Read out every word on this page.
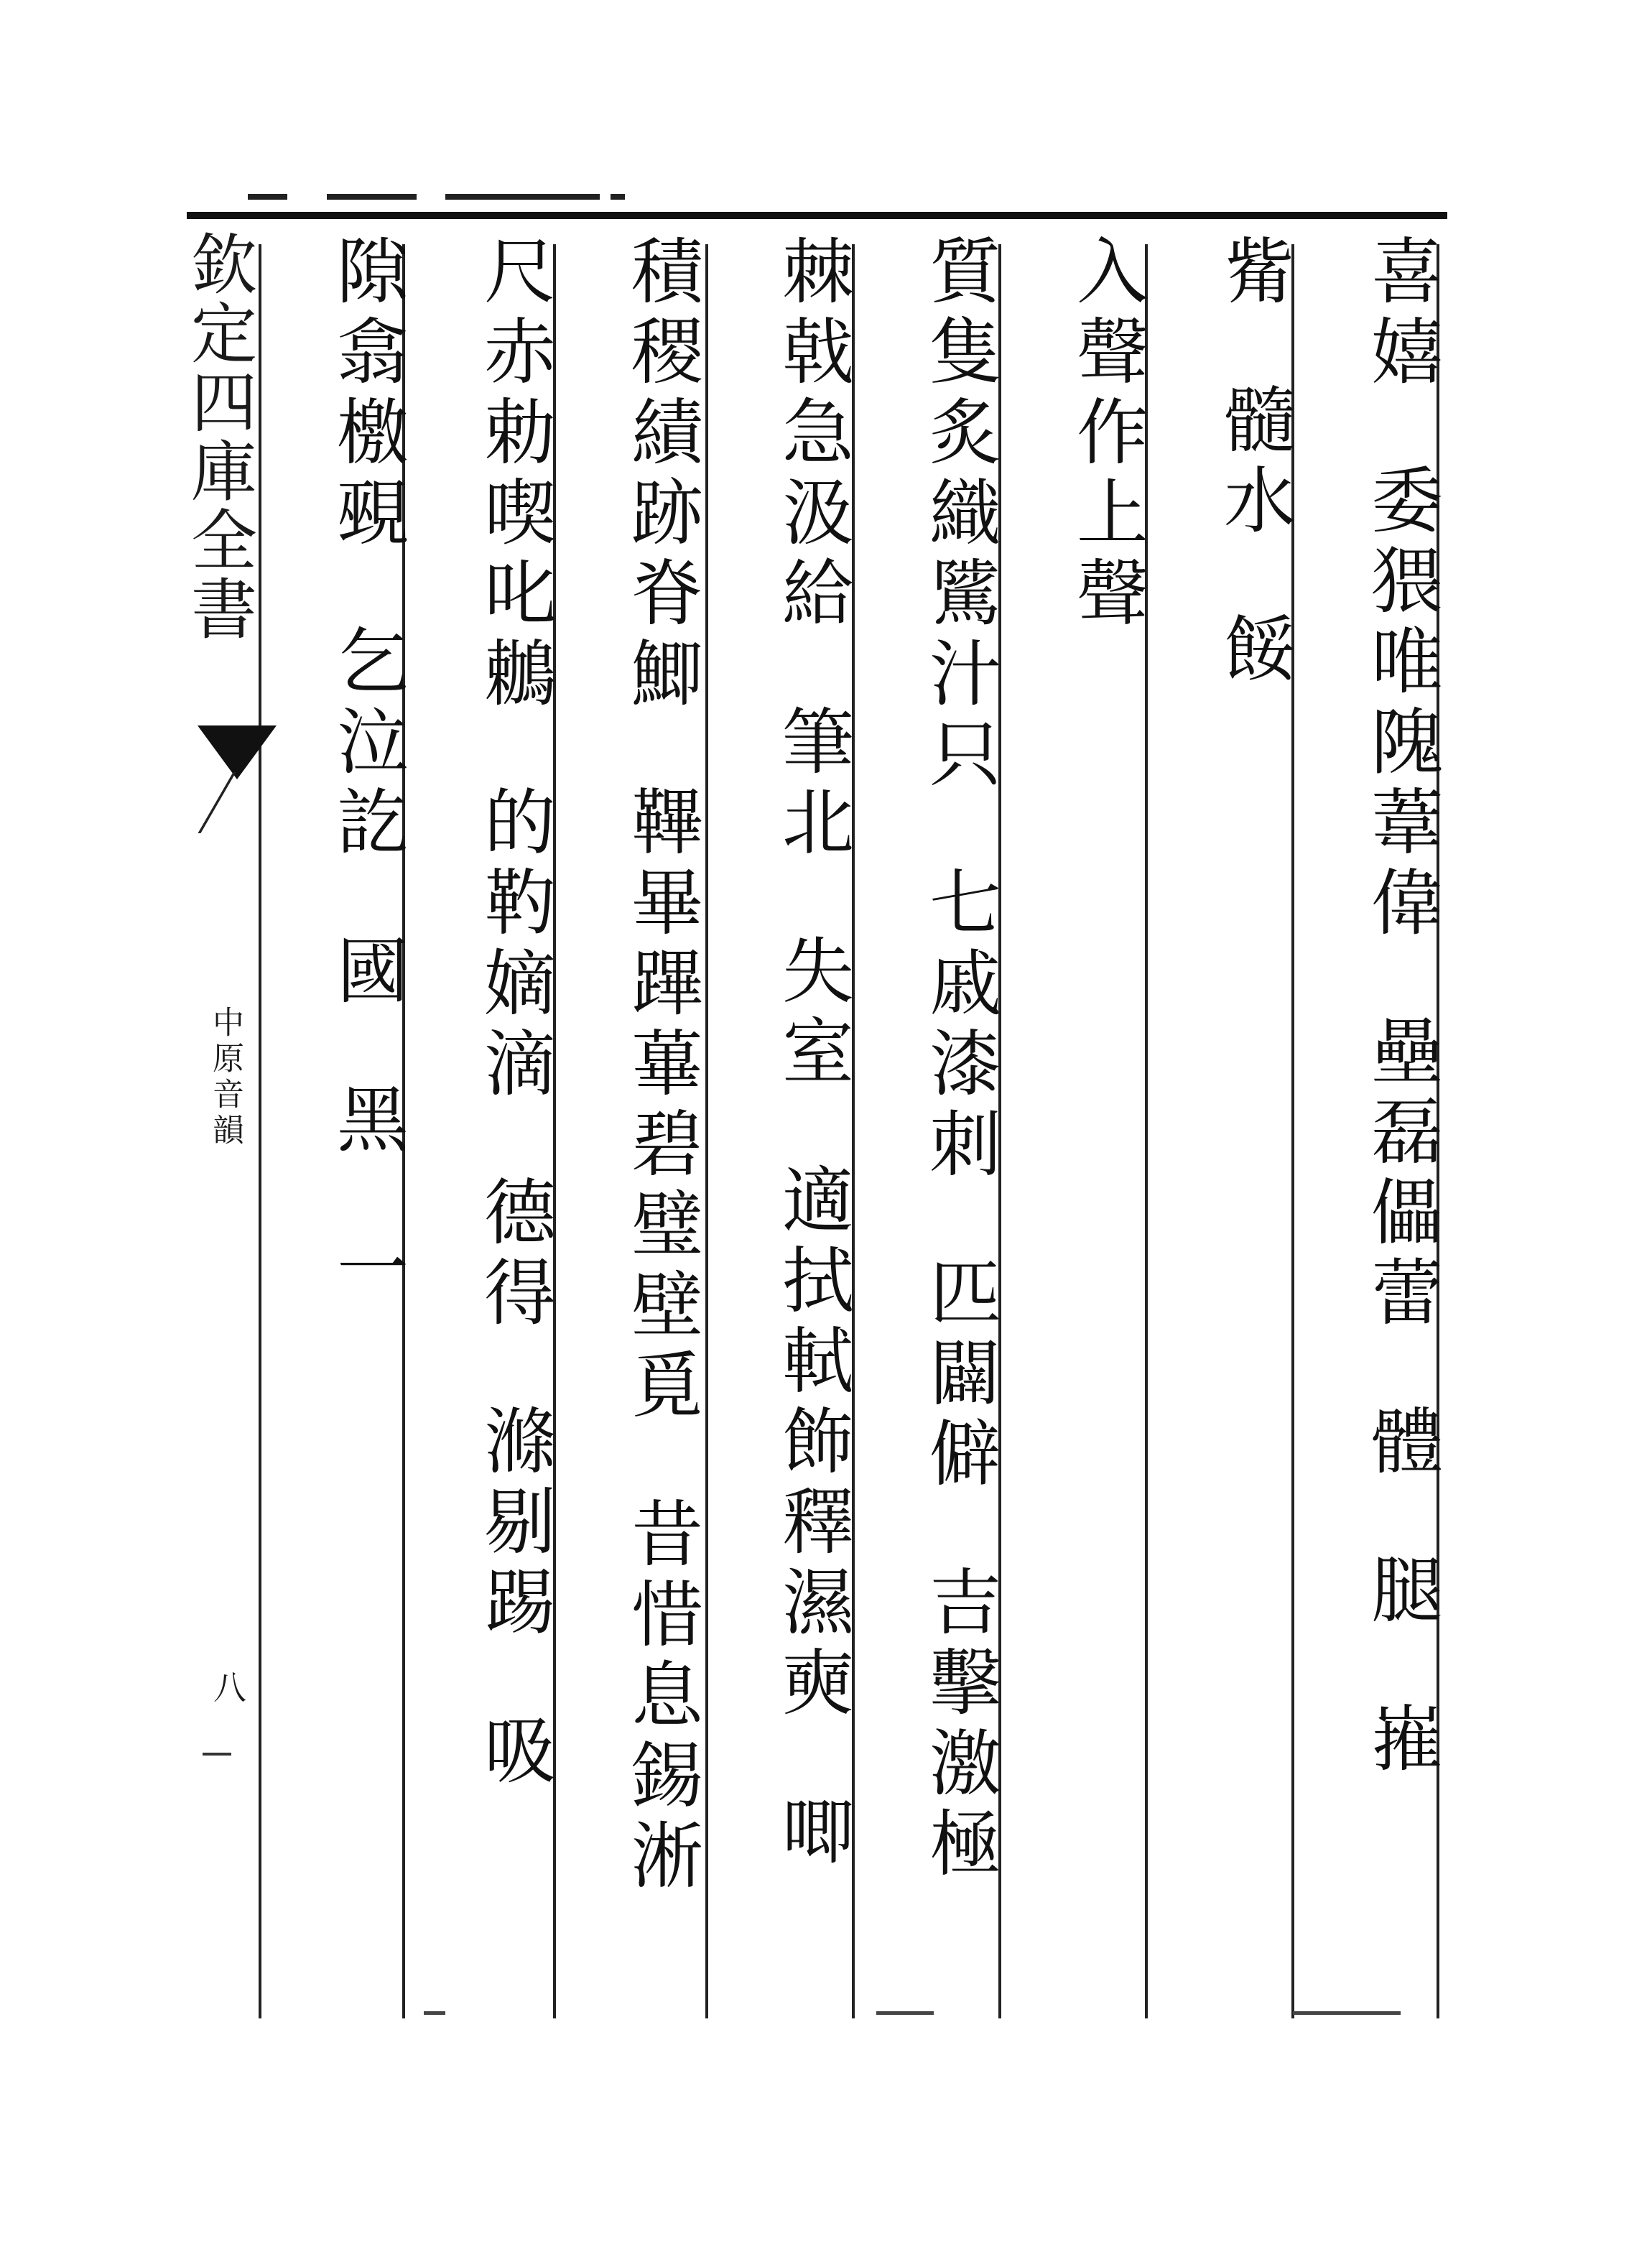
欽定四庫全書
中原音韻
八
喜嬉委猥唯隗葦偉壘磊儡蕾體腿嶊
觜髓水餒
入聲作上聲
質隻炙織騭汁只七戚漆刺匹闢僻吉擊激極
棘戟急汲給筆北失室適拭軾飾釋濕奭唧
積稷績跡脊鯽鞸畢蹕蓽碧璧壁覓昔惜息錫淅
尺赤勅喫叱鶒的靮嫡滴德得滌剔踢吸
隙翕檄覡乞泣訖國黑一
